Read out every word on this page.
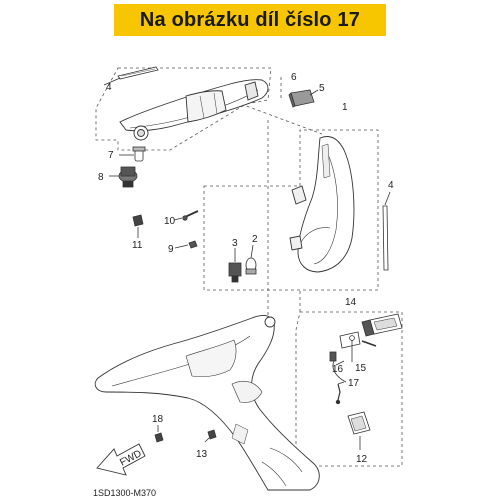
Na obrázku díl číslo 17
FWD
4
6
5
1
7
8
10
4
3 2
9
11
14
15
16
17
18
13	12
1SD1300-M370
